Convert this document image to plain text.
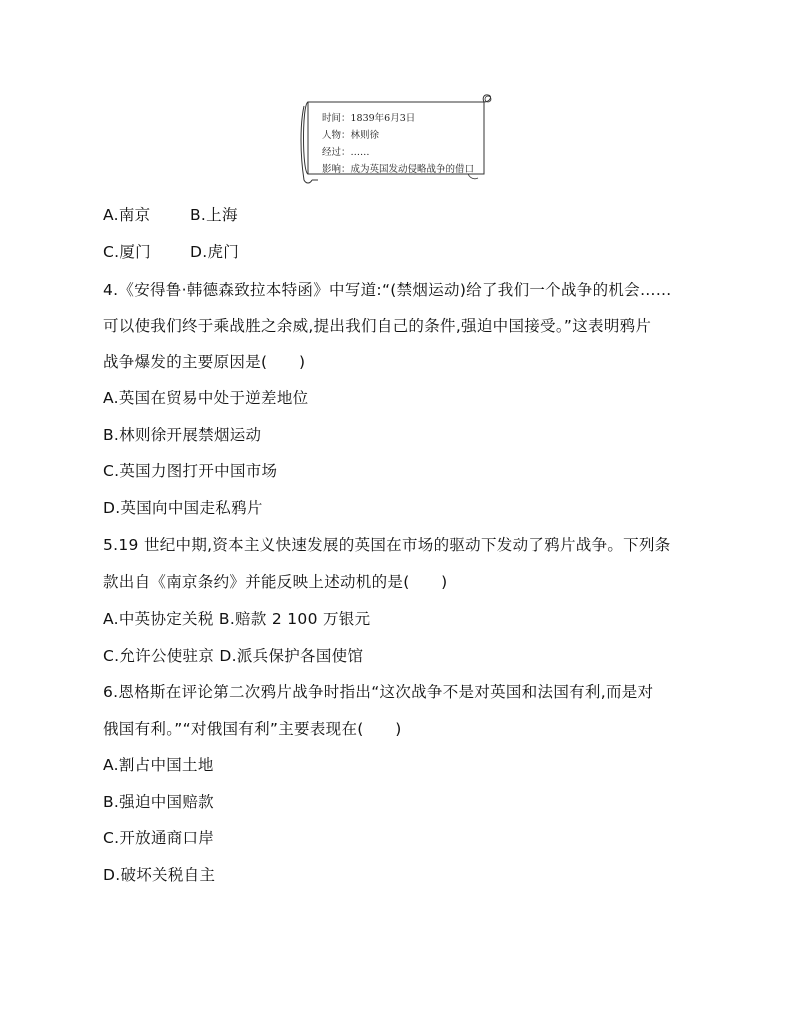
时间：1839年6月3日
人物：林则徐
经过：……
影响：成为英国发动侵略战争的借口
A.南京	B.上海
C.厦门	D.虎门
4.《安得鲁·韩德森致拉本特函》中写道:“(禁烟运动)给了我们一个战争的机会……
可以使我们终于乘战胜之余威,提出我们自己的条件,强迫中国接受。”这表明鸦片
战争爆发的主要原因是(　　)
A.英国在贸易中处于逆差地位
B.林则徐开展禁烟运动
C.英国力图打开中国市场
D.英国向中国走私鸦片
5.19 世纪中期,资本主义快速发展的英国在市场的驱动下发动了鸦片战争。下列条
款出自《南京条约》并能反映上述动机的是(　　)
A.中英协定关税 B.赔款 2 100 万银元
C.允许公使驻京 D.派兵保护各国使馆
6.恩格斯在评论第二次鸦片战争时指出“这次战争不是对英国和法国有利,而是对
俄国有利。”“对俄国有利”主要表现在(　　)
A.割占中国土地
B.强迫中国赔款
C.开放通商口岸
D.破坏关税自主
